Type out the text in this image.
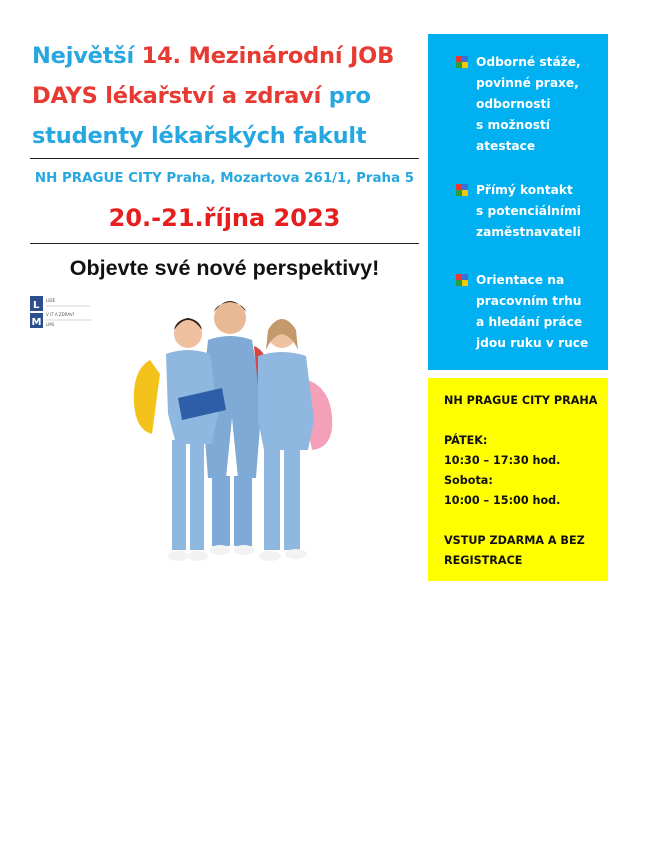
Největší 14. Mezinárodní JOB DAYS lékařství a zdraví pro studenty lékařských fakult
NH PRAGUE CITY Praha, Mozartova 261/1, Praha 5
20.-21.října 2023
Objevte své nové perspektivy!
L
M
LIDÉ
V IT A ZDRAVÍ
LMS
Odborné stáže,
povinné praxe,
odbornosti
s možností
atestace
Přímý kontakt
s potenciálními
zaměstnavateli
Orientace na
pracovním trhu
a hledání práce
jdou ruku v ruce
NH PRAGUE CITY PRAHA
PÁTEK:
10:30 – 17:30 hod.
Sobota:
10:00 – 15:00 hod.
VSTUP ZDARMA A BEZ REGISTRACE
